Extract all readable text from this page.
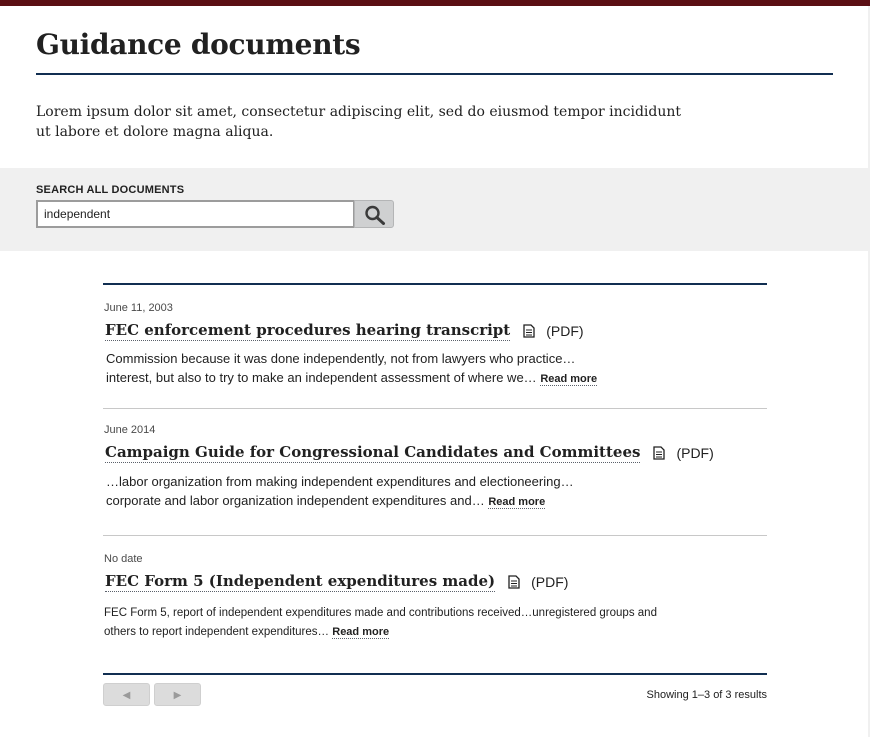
Guidance documents

Lorem ipsum dolor sit amet, consectetur adipiscing elit, sed do eiusmod tempor incididunt ut labore et dolore magna aliqua.

SEARCH ALL DOCUMENTS
independent
June 11, 2003
FEC enforcement procedures hearing transcript	(PDF)

Commission because it was done independently, not from lawyers who practice…
interest, but also to try to make an independent assessment of where we… Read more

June 2014
Campaign Guide for Congressional Candidates and Committees	(PDF)

…labor organization from making independent expenditures and electioneering…
corporate and labor organization independent expenditures and… Read more

No date
FEC Form 5 (Independent expenditures made)	(PDF)

FEC Form 5, report of independent expenditures made and contributions received…unregistered groups and
others to report independent expenditures… Read more

◀	▶	Showing 1–3 of 3 results
